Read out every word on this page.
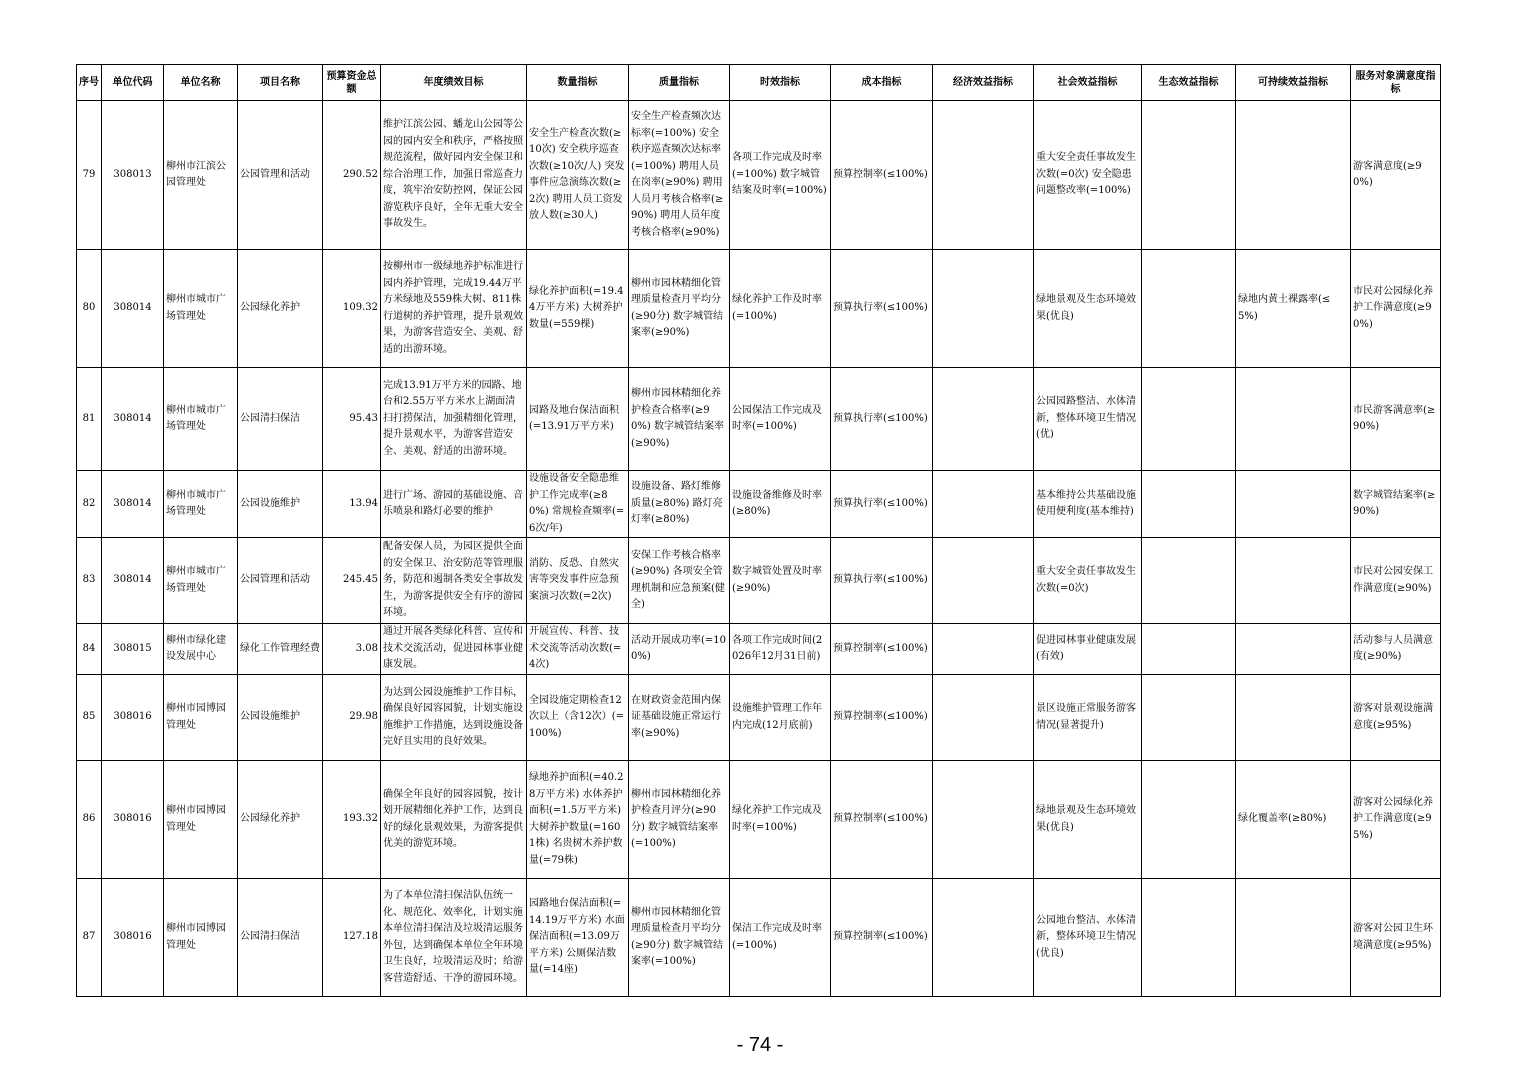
序号	单位代码	单位名称	项目名称	预算资金总额	年度绩效目标	数量指标	质量指标	时效指标	成本指标	经济效益指标	社会效益指标	生态效益指标	可持续效益指标	服务对象满意度指标
79	308013	柳州市江滨公园管理处	公园管理和活动	290.52	维护江滨公园、蟠龙山公园等公园的园内安全和秩序，严格按照规范流程，做好园内安全保卫和综合治理工作，加强日常巡查力度，筑牢治安防控网，保证公园游览秩序良好，全年无重大安全事故发生。	安全生产检查次数(≥10次) 安全秩序巡查次数(≥10次/人) 突发事件应急演练次数(≥2次) 聘用人员工资发放人数(≥30人)	安全生产检查频次达标率(=100%) 安全秩序巡查频次达标率(=100%) 聘用人员在岗率(≥90%) 聘用人员月考核合格率(≥90%) 聘用人员年度考核合格率(≥90%)	各项工作完成及时率(=100%) 数字城管结案及时率(=100%)	预算控制率(≤100%)		重大安全责任事故发生次数(=0次) 安全隐患问题整改率(=100%)			游客满意度(≥90%)
80	308014	柳州市城市广场管理处	公园绿化养护	109.32	按柳州市一级绿地养护标准进行园内养护管理，完成19.44万平方米绿地及559株大树、811株行道树的养护管理，提升景观效果，为游客营造安全、美观、舒适的出游环境。	绿化养护面积(=19.44万平方米) 大树养护数量(=559棵)	柳州市园林精细化管理质量检查月平均分(≥90分) 数字城管结案率(≥90%)	绿化养护工作及时率(=100%)	预算执行率(≤100%)		绿地景观及生态环境效果(优良)		绿地内黄土裸露率(≤5%)	市民对公园绿化养护工作满意度(≥90%)
81	308014	柳州市城市广场管理处	公园清扫保洁	95.43	完成13.91万平方米的园路、地台和2.55万平方米水上湖面清扫打捞保洁，加强精细化管理，提升景观水平，为游客营造安全、美观、舒适的出游环境。	园路及地台保洁面积(=13.91万平方米)	柳州市园林精细化养护检查合格率(≥90%) 数字城管结案率(≥90%)	公园保洁工作完成及时率(=100%)	预算执行率(≤100%)		公园园路整洁、水体清新，整体环境卫生情况(优)			市民游客满意率(≥90%)
82	308014	柳州市城市广场管理处	公园设施维护	13.94	进行广场、游园的基础设施、音乐喷泉和路灯必要的维护	设施设备安全隐患维护工作完成率(≥80%) 常规检查频率(=6次/年)	设施设备、路灯维修质量(≥80%) 路灯亮灯率(≥80%)	设施设备维修及时率(≥80%)	预算执行率(≤100%)		基本维持公共基础设施使用便利度(基本维持)			数字城管结案率(≥90%)
83	308014	柳州市城市广场管理处	公园管理和活动	245.45	配备安保人员，为园区提供全面的安全保卫、治安防范等管理服务，防范和遏制各类安全事故发生，为游客提供安全有序的游园环境。	消防、反恐、自然灾害等突发事件应急预案演习次数(=2次)	安保工作考核合格率(≥90%) 各项安全管理机制和应急预案(健全)	数字城管处置及时率(≥90%)	预算执行率(≤100%)		重大安全责任事故发生次数(=0次)			市民对公园安保工作满意度(≥90%)
84	308015	柳州市绿化建设发展中心	绿化工作管理经费	3.08	通过开展各类绿化科普、宣传和技术交流活动，促进园林事业健康发展。	开展宣传、科普、技术交流等活动次数(=4次)	活动开展成功率(=100%)	各项工作完成时间(2026年12月31日前)	预算控制率(≤100%)		促进园林事业健康发展(有效)			活动参与人员满意度(≥90%)
85	308016	柳州市园博园管理处	公园设施维护	29.98	为达到公园设施维护工作目标，确保良好园容园貌，计划实施设施维护工作措施，达到设施设备完好且实用的良好效果。	全园设施定期检查12次以上（含12次）(=100%)	在财政资金范围内保证基础设施正常运行率(≥90%)	设施维护管理工作年内完成(12月底前)	预算控制率(≤100%)		景区设施正常服务游客情况(显著提升)			游客对景观设施满意度(≥95%)
86	308016	柳州市园博园管理处	公园绿化养护	193.32	确保全年良好的园容园貌，按计划开展精细化养护工作，达到良好的绿化景观效果，为游客提供优美的游览环境。	绿地养护面积(=40.28万平方米) 水体养护面积(=1.5万平方米) 大树养护数量(=1601株) 名贵树木养护数量(=79株)	柳州市园林精细化养护检查月评分(≥90分) 数字城管结案率(=100%)	绿化养护工作完成及时率(=100%)	预算控制率(≤100%)		绿地景观及生态环境效果(优良)		绿化覆盖率(≥80%)	游客对公园绿化养护工作满意度(≥95%)
87	308016	柳州市园博园管理处	公园清扫保洁	127.18	为了本单位清扫保洁队伍统一化、规范化、效率化，计划实施本单位清扫保洁及垃圾清运服务外包，达到确保本单位全年环境卫生良好，垃圾清运及时；给游客营造舒适、干净的游园环境。	园路地台保洁面积(=14.19万平方米) 水面保洁面积(=13.09万平方米) 公厕保洁数量(=14座)	柳州市园林精细化管理质量检查月平均分(≥90分) 数字城管结案率(=100%)	保洁工作完成及时率(=100%)	预算控制率(≤100%)		公园地台整洁、水体清新，整体环境卫生情况(优良)			游客对公园卫生环境满意度(≥95%)
- 74 -
